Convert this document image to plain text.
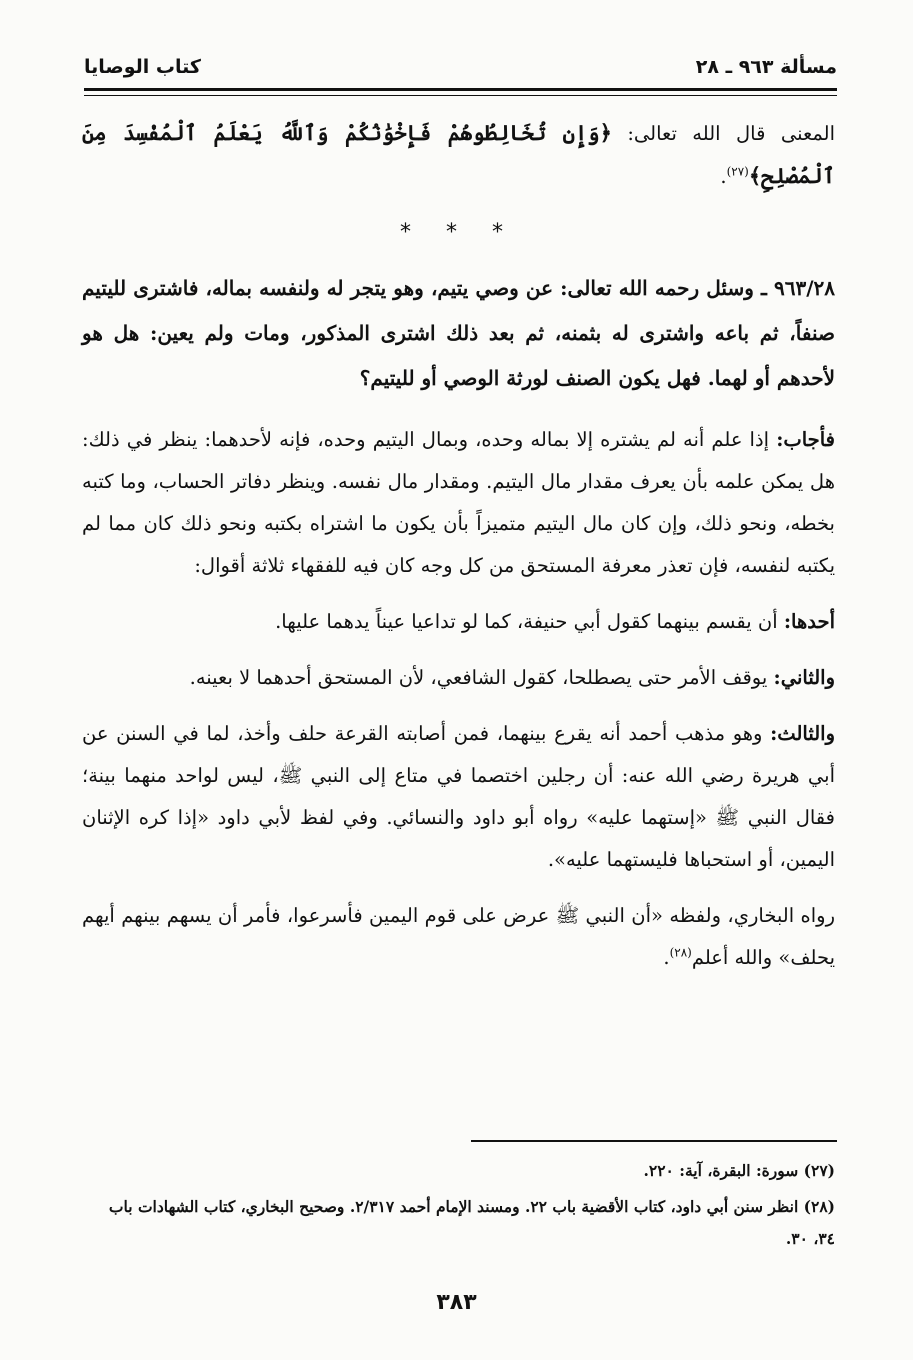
مسألة ٩٦٣ ـ ٢٨
كتاب الوصايا

المعنى قال الله تعالى: ﴿وَإِن تُخَالِطُوهُمْ فَإِخْوَٰنُكُمْ وَٱللَّهُ يَعْلَمُ ٱلْمُفْسِدَ مِنَ ٱلْمُصْلِحِ﴾$^{(٢٧)}$.

* * *

٩٦٣/٢٨ ـ وسئل رحمه الله تعالى: عن وصي يتيم، وهو يتجر له ولنفسه بماله، فاشترى لليتيم صنفاً، ثم باعه واشترى له بثمنه، ثم بعد ذلك اشترى المذكور، ومات ولم يعين: هل هو لأحدهم أو لهما. فهل يكون الصنف لورثة الوصي أو لليتيم؟

فأجاب: إذا علم أنه لم يشتره إلا بماله وحده، وبمال اليتيم وحده، فإنه لأحدهما: ينظر في ذلك: هل يمكن علمه بأن يعرف مقدار مال اليتيم. ومقدار مال نفسه. وينظر دفاتر الحساب، وما كتبه بخطه، ونحو ذلك، وإن كان مال اليتيم متميزاً بأن يكون ما اشتراه بكتبه ونحو ذلك كان مما لم يكتبه لنفسه، فإن تعذر معرفة المستحق من كل وجه كان فيه للفقهاء ثلاثة أقوال:

أحدها: أن يقسم بينهما كقول أبي حنيفة، كما لو تداعيا عيناً يدهما عليها.

والثاني: يوقف الأمر حتى يصطلحا، كقول الشافعي، لأن المستحق أحدهما لا بعينه.

والثالث: وهو مذهب أحمد أنه يقرع بينهما، فمن أصابته القرعة حلف وأخذ، لما في السنن عن أبي هريرة رضي الله عنه: أن رجلين اختصما في متاع إلى النبي ﷺ، ليس لواحد منهما بينة؛ فقال النبي ﷺ «إستهما عليه» رواه أبو داود والنسائي. وفي لفظ لأبي داود «إذا كره الإثنان اليمين، أو استحباها فليستهما عليه».

رواه البخاري، ولفظه «أن النبي ﷺ عرض على قوم اليمين فأسرعوا، فأمر أن يسهم بينهم أيهم يحلف» والله أعلم$^{(٢٨)}$.

(٢٧) سورة: البقرة، آية: ٢٢٠.

(٢٨) انظر سنن أبي داود، كتاب الأقضية باب ٢٢. ومسند الإمام أحمد ٢/٣١٧. وصحيح البخاري، كتاب الشهادات باب ٣٤، ٣٠.

٣٨٣
